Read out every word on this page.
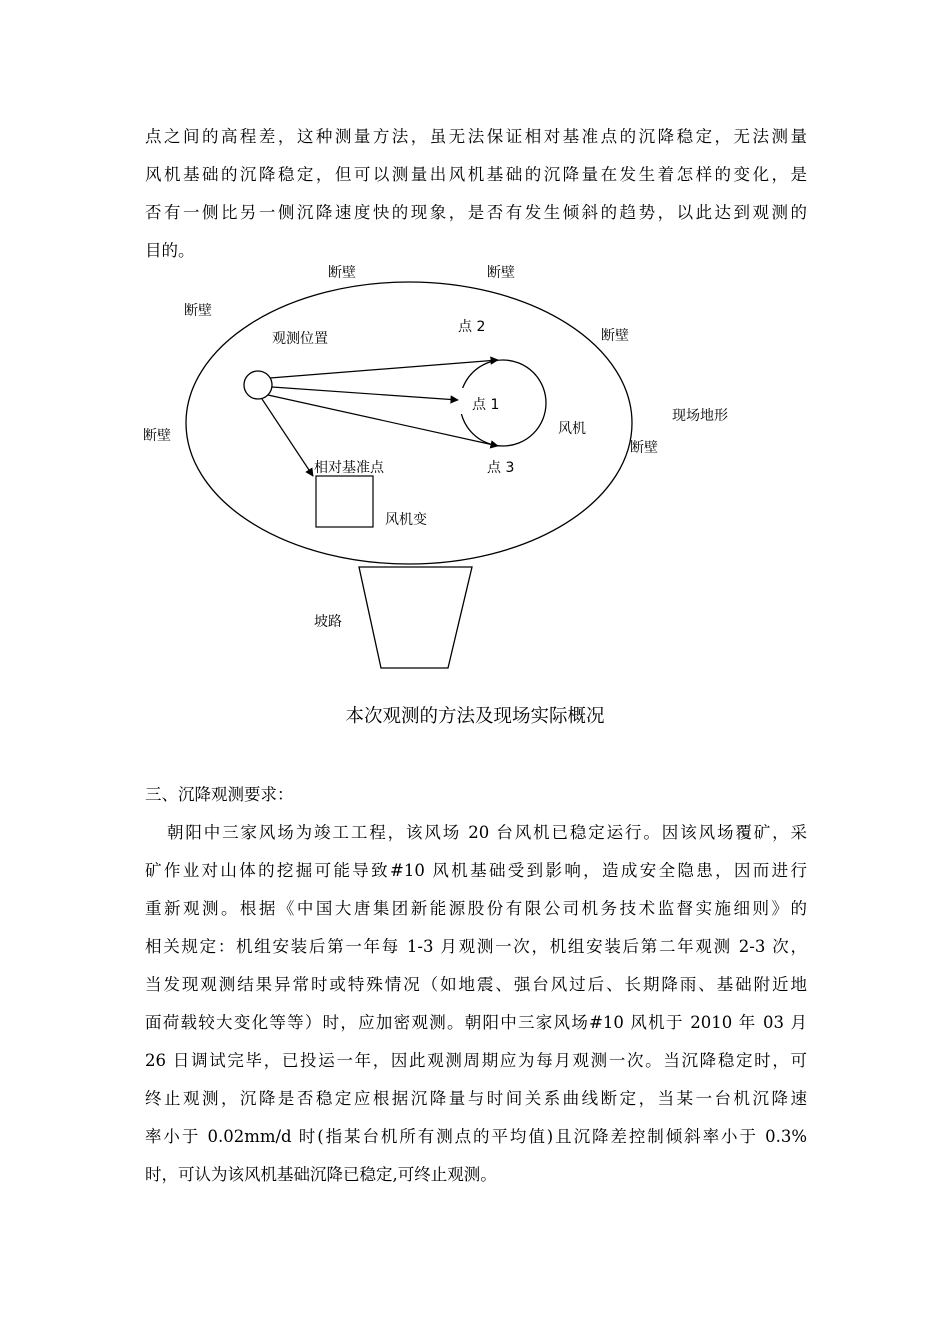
点之间的高程差，这种测量方法，虽无法保证相对基准点的沉降稳定，无法测量
风机基础的沉降稳定，但可以测量出风机基础的沉降量在发生着怎样的变化，是
否有一侧比另一侧沉降速度快的现象，是否有发生倾斜的趋势，以此达到观测的
目的。
断壁	断壁
断壁
断壁
断壁
断壁
观测位置
点 2
点 1
点 3
风机
现场地形
相对基准点
风机变
坡路
本次观测的方法及现场实际概况
三、沉降观测要求：
朝阳中三家风场为竣工工程，该风场 20 台风机已稳定运行。因该风场覆矿，采
矿作业对山体的挖掘可能导致#10 风机基础受到影响，造成安全隐患，因而进行
重新观测。根据《中国大唐集团新能源股份有限公司机务技术监督实施细则》的
相关规定：机组安装后第一年每 1-3 月观测一次，机组安装后第二年观测 2-3 次，
当发现观测结果异常时或特殊情况（如地震、强台风过后、长期降雨、基础附近地
面荷载较大变化等等）时，应加密观测。朝阳中三家风场#10 风机于 2010 年 03 月
26 日调试完毕，已投运一年，因此观测周期应为每月观测一次。当沉降稳定时，可
终止观测，沉降是否稳定应根据沉降量与时间关系曲线断定，当某一台机沉降速
率小于 0.02mm/d 时(指某台机所有测点的平均值)且沉降差控制倾斜率小于 0.3%
时，可认为该风机基础沉降已稳定,可终止观测。
